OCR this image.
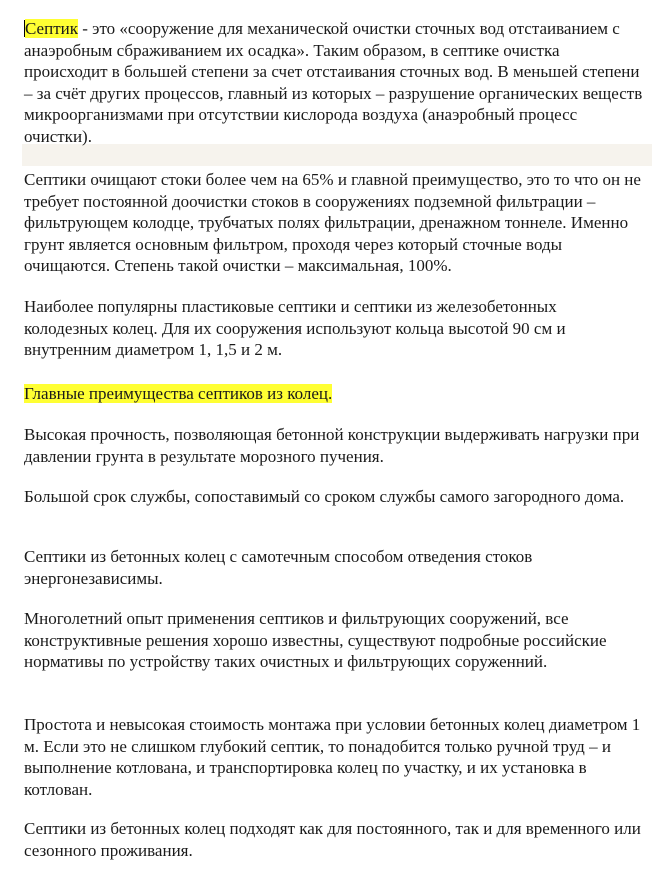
Септик - это «сооружение для механической очистки сточных вод отстаиванием с анаэробным сбраживанием их осадка». Таким образом, в септике очистка происходит в большей степени за счет отстаивания сточных вод. В меньшей степени – за счёт других процессов, главный из которых – разрушение органических веществ микроорганизмами при отсутствии кислорода воздуха (анаэробный процесс очистки).

Септики очищают стоки более чем на 65% и главной преимущество, это то что он не требует постоянной доочистки стоков в сооружениях подземной фильтрации – фильтрующем колодце, трубчатых полях фильтрации, дренажном тоннеле. Именно грунт является основным фильтром, проходя через который сточные воды очищаются. Степень такой очистки – максимальная, 100%.

Наиболее популярны пластиковые септики и септики из железобетонных колодезных колец. Для их сооружения используют кольца высотой 90 см и внутренним диаметром 1, 1,5 и 2 м.

Главные преимущества септиков из колец.

Высокая прочность, позволяющая бетонной конструкции выдерживать нагрузки при давлении грунта в результате морозного пучения.

Большой срок службы, сопоставимый со сроком службы самого загородного дома.

Септики из бетонных колец с самотечным способом отведения стоков энергонезависимы.

Многолетний опыт применения септиков и фильтрующих сооружений, все конструктивные решения хорошо известны, существуют подробные российские нормативы по устройству таких очистных и фильтрующих соруженний.

Простота и невысокая стоимость монтажа при условии бетонных колец диаметром 1 м. Если это не слишком глубокий септик, то понадобится только ручной труд – и выполнение котлована, и транспортировка колец по участку, и их установка в котлован.

Септики из бетонных колец подходят как для постоянного, так и для временного или сезонного проживания.
